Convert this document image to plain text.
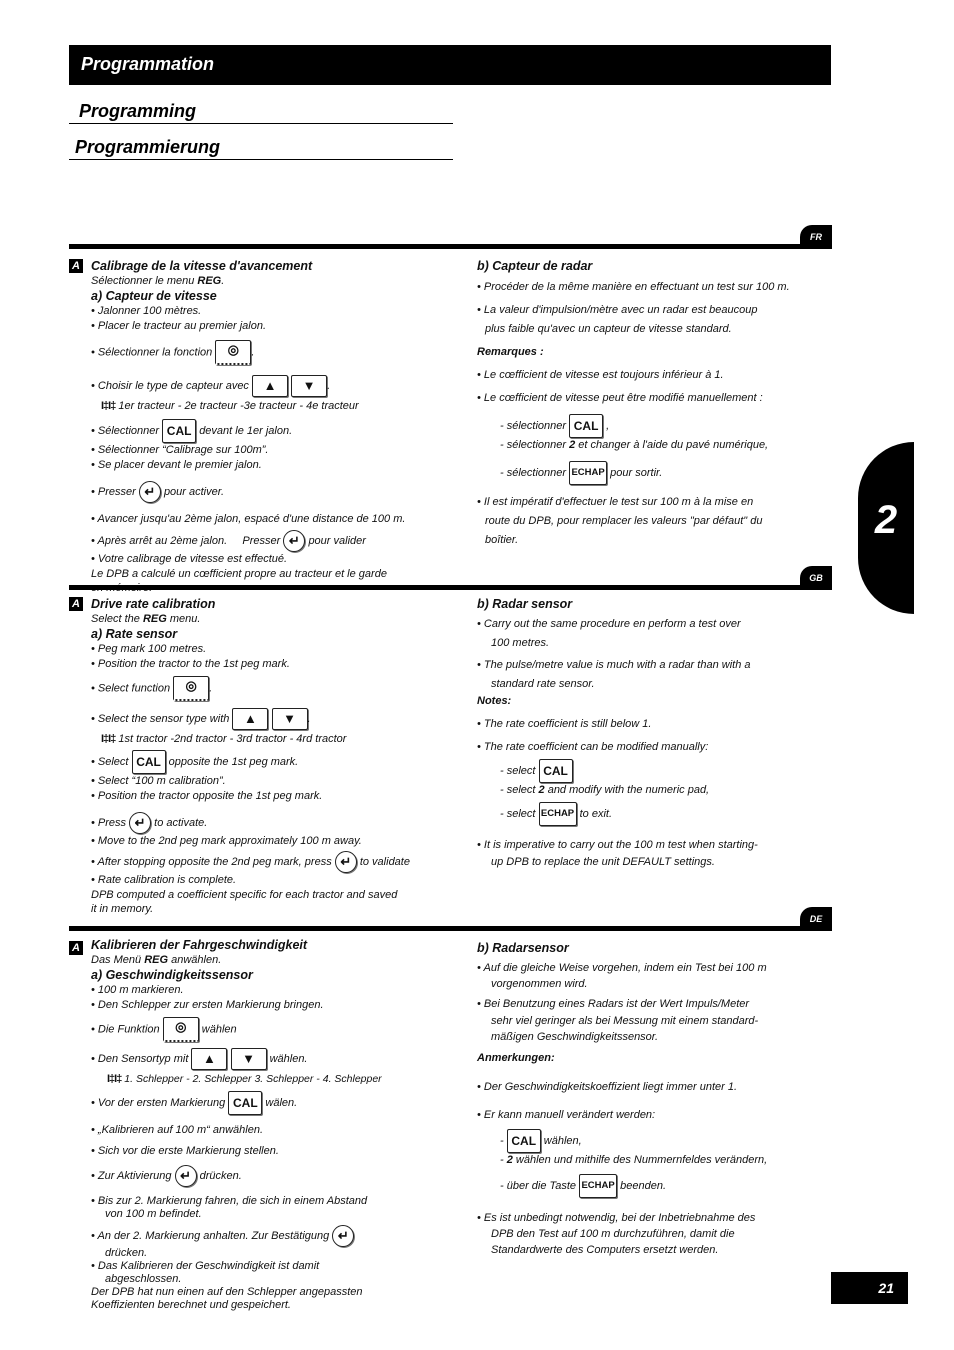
Programmation
Programming
Programmierung
2
FR
A Calibrage de la vitesse d'avancement

Sélectionner le menu REG.

a) Capteur de vitesse

• Jalonner 100 mètres.

• Placer le tracteur au premier jalon.

• Sélectionner la fonction ◎ .

• Choisir le type de capteur avec ▲ ▼ .

Ι‡Ι‡ 1er tracteur - 2e tracteur -3e tracteur - 4e tracteur

• Sélectionner CAL devant le 1er jalon.

• Sélectionner “Calibrage sur 100m”.

• Se placer devant le premier jalon.

• Presser ↵ pour activer.

• Avancer jusqu'au 2ème jalon, espacé d'une distance de 100 m.

• Après arrêt au 2ème jalon. Presser ↵ pour valider

• Votre calibrage de vitesse est effectué.

Le DPB a calculé un cœfficient propre au tracteur et le garde

b) Capteur de radar

• Procéder de la même manière en effectuant un test sur 100 m.

• La valeur d'impulsion/mètre avec un radar est beaucoup

plus faible qu'avec un capteur de vitesse standard.

Remarques :

• Le cœfficient de vitesse est toujours inférieur à 1.

• Le cœfficient de vitesse peut être modifié manuellement :

- sélectionner CAL ,

- sélectionner 2 et changer à l'aide du pavé numérique,

- sélectionner ECHAP pour sortir.

• Il est impératif d'effectuer le test sur 100 m à la mise en

route du DPB, pour remplacer les valeurs "par défaut" du

boîtier.

GB
A Drive rate calibration

Select the REG menu.

a) Rate sensor

• Peg mark 100 metres.

• Position the tractor to the 1st peg mark.

• Select function ◎ .

• Select the sensor type with ▲ ▼ .

Ι‡Ι‡ 1st tractor -2nd tractor - 3rd tractor - 4rd tractor

• Select CAL opposite the 1st peg mark.

• Select “100 m calibration”.

• Position the tractor opposite the 1st peg mark.

• Press ↵ to activate.

• Move to the 2nd peg mark approximately 100 m away.

• After stopping opposite the 2nd peg mark, press ↵ to validate

• Rate calibration is complete.

DPB computed a coefficient specific for each tractor and saved

it in memory.

b) Radar sensor

• Carry out the same procedure en perform a test over

100 metres.

• The pulse/metre value is much with a radar than with a

standard rate sensor.

Notes:

• The rate coefficient is still below 1.

• The rate coefficient can be modified manually:

- select CAL

- select 2 and modify with the numeric pad,

- select ECHAP to exit.

• It is imperative to carry out the 100 m test when starting-

up DPB to replace the unit DEFAULT settings.

DE
A Kalibrieren der Fahrgeschwindigkeit

Das Menü REG anwählen.

a) Geschwindigkeitssensor

• 100 m markieren.

• Den Schlepper zur ersten Markierung bringen.

• Die Funktion ◎ wählen

• Den Sensortyp mit ▲ ▼ wählen.

Ι‡Ι‡ 1. Schlepper - 2. Schlepper 3. Schlepper - 4. Schlepper

• Vor der ersten Markierung CAL wälen.

• „Kalibrieren auf 100 m“ anwählen.

• Sich vor die erste Markierung stellen.

• Zur Aktivierung ↵ drücken.

• Bis zur 2. Markierung fahren, die sich in einem Abstand
von 100 m befindet.

• An der 2. Markierung anhalten. Zur Bestätigung ↵
drücken.

• Das Kalibrieren der Geschwindigkeit ist damit
abgeschlossen.

Der DPB hat nun einen auf den Schlepper angepassten

Koeffizienten berechnet und gespeichert.

b) Radarsensor

• Auf die gleiche Weise vorgehen, indem ein Test bei 100 m

vorgenommen wird.

• Bei Benutzung eines Radars ist der Wert Impuls/Meter

sehr viel geringer als bei Messung mit einem standard-

mäßigen Geschwindigkeitssensor.

Anmerkungen:

• Der Geschwindigkeitskoeffizient liegt immer unter 1.

• Er kann manuell verändert werden:

- CAL wählen,

- 2 wählen und mithilfe des Nummernfeldes verändern,

- über die Taste ECHAP beenden.

• Es ist unbedingt notwendig, bei der Inbetriebnahme des

DPB den Test auf 100 m durchzuführen, damit die

Standardwerte des Computers ersetzt werden.

21
